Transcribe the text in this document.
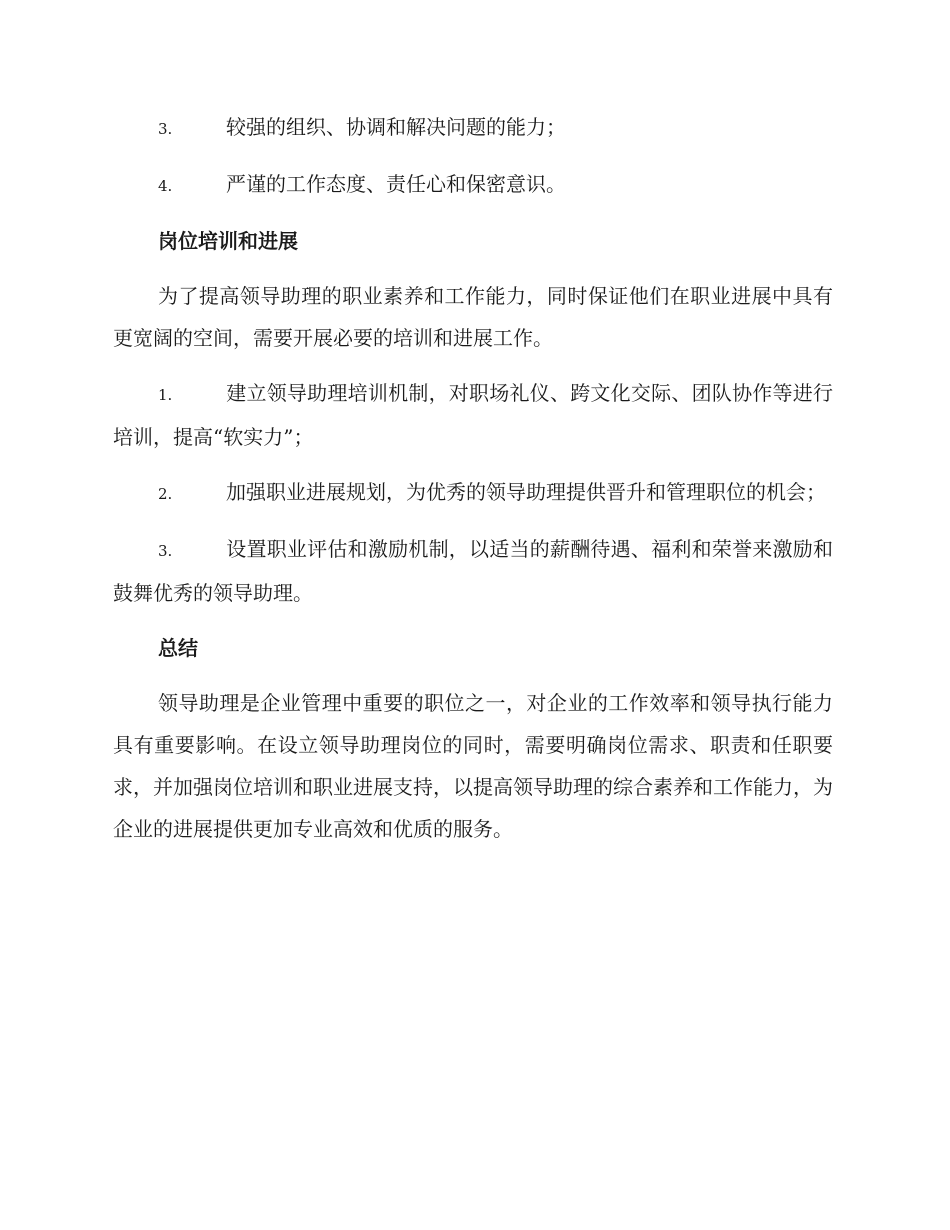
3.	较强的组织、协调和解决问题的能力；

4.	严谨的工作态度、责任心和保密意识。

岗位培训和进展

为了提高领导助理的职业素养和工作能力，同时保证他们在职业进展中具有更宽阔的空间，需要开展必要的培训和进展工作。

1.	建立领导助理培训机制，对职场礼仪、跨文化交际、团队协作等进行培训，提高“软实力”；

2.	加强职业进展规划，为优秀的领导助理提供晋升和管理职位的机会；

3.	设置职业评估和激励机制，以适当的薪酬待遇、福利和荣誉来激励和鼓舞优秀的领导助理。

总结

领导助理是企业管理中重要的职位之一，对企业的工作效率和领导执行能力具有重要影响。在设立领导助理岗位的同时，需要明确岗位需求、职责和任职要求，并加强岗位培训和职业进展支持，以提高领导助理的综合素养和工作能力，为企业的进展提供更加专业高效和优质的服务。
